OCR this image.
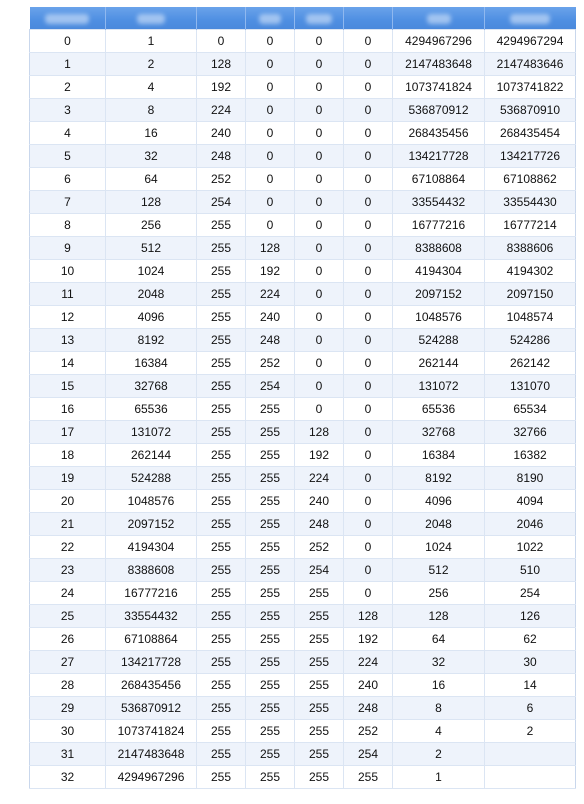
0	1	0	0	0	0	4294967296	4294967294
1	2	128	0	0	0	2147483648	2147483646
2	4	192	0	0	0	1073741824	1073741822
3	8	224	0	0	0	536870912	536870910
4	16	240	0	0	0	268435456	268435454
5	32	248	0	0	0	134217728	134217726
6	64	252	0	0	0	67108864	67108862
7	128	254	0	0	0	33554432	33554430
8	256	255	0	0	0	16777216	16777214
9	512	255	128	0	0	8388608	8388606
10	1024	255	192	0	0	4194304	4194302
11	2048	255	224	0	0	2097152	2097150
12	4096	255	240	0	0	1048576	1048574
13	8192	255	248	0	0	524288	524286
14	16384	255	252	0	0	262144	262142
15	32768	255	254	0	0	131072	131070
16	65536	255	255	0	0	65536	65534
17	131072	255	255	128	0	32768	32766
18	262144	255	255	192	0	16384	16382
19	524288	255	255	224	0	8192	8190
20	1048576	255	255	240	0	4096	4094
21	2097152	255	255	248	0	2048	2046
22	4194304	255	255	252	0	1024	1022
23	8388608	255	255	254	0	512	510
24	16777216	255	255	255	0	256	254
25	33554432	255	255	255	128	128	126
26	67108864	255	255	255	192	64	62
27	134217728	255	255	255	224	32	30
28	268435456	255	255	255	240	16	14
29	536870912	255	255	255	248	8	6
30	1073741824	255	255	255	252	4	2
31	2147483648	255	255	255	254	2	
32	4294967296	255	255	255	255	1	
